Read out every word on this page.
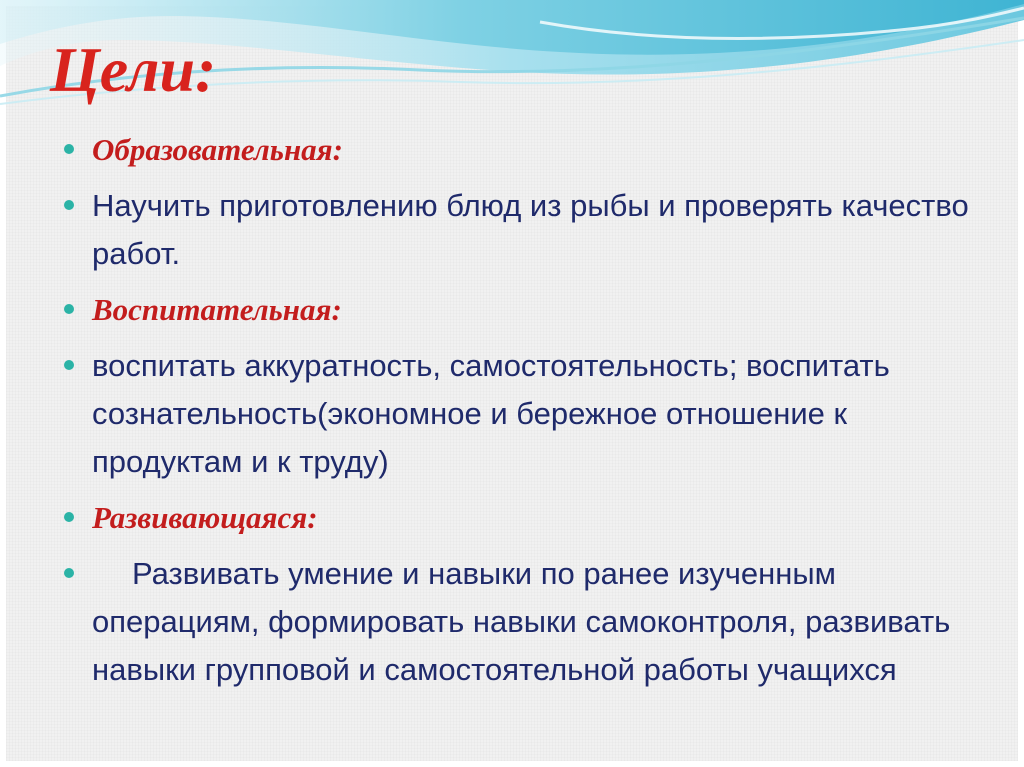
Цели:
Образовательная:
Научить приготовлению блюд из рыбы и проверять качество работ.
Воспитательная:
воспитать аккуратность, самостоятельность; воспитать сознательность(экономное и бережное отношение к продуктам и к труду)
Развивающаяся:
Развивать умение и навыки по ранее изученным операциям, формировать навыки самоконтроля, развивать навыки групповой и самостоятельной работы учащихся
